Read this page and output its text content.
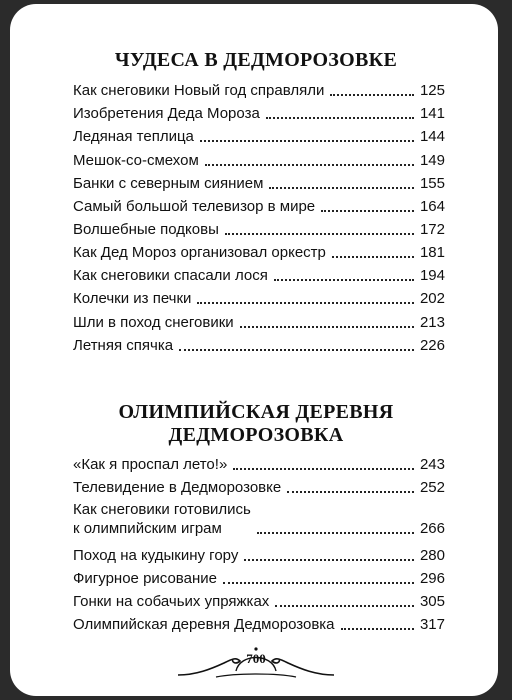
ЧУДЕСА В ДЕДМОРОЗОВКЕ
Как снеговики Новый год справляли	125
Изобретения Деда Мороза	141
Ледяная теплица	144
Мешок-со-смехом	149
Банки с северным сиянием	155
Самый большой телевизор в мире	164
Волшебные подковы	172
Как Дед Мороз организовал оркестр	181
Как снеговики спасали лося	194
Колечки из печки	202
Шли в поход снеговики	213
Летняя спячка	226
ОЛИМПИЙСКАЯ ДЕРЕВНЯ
ДЕДМОРОЗОВКА
«Как я проспал лето!»	243
Телевидение в Дедморозовке	252
Как снеговики готовились
к олимпийским играм	266
Поход на кудыкину гору	280
Фигурное рисование	296
Гонки на собачьих упряжках	305
Олимпийская деревня Дедморозовка	317
700
